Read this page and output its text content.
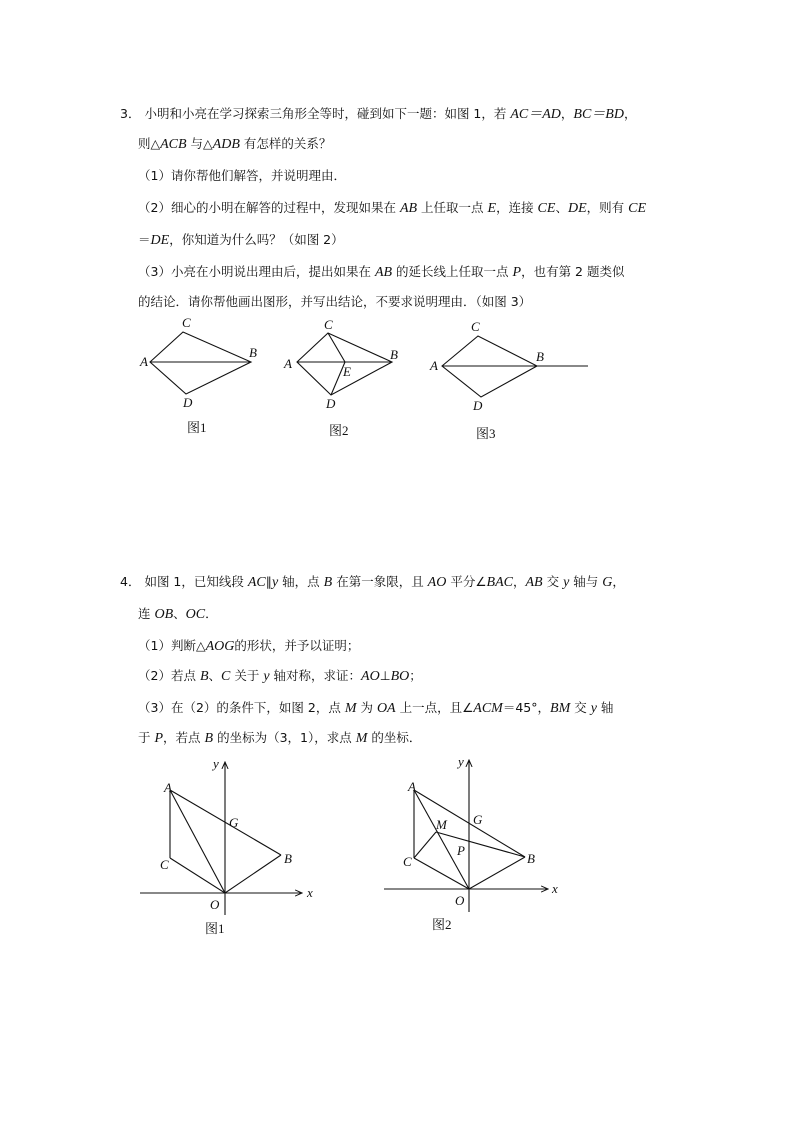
3． 小明和小亮在学习探索三角形全等时，碰到如下一题：如图 1，若 AC＝AD，BC＝BD，
则△ACB 与△ADB 有怎样的关系？
（1）请你帮他们解答，并说明理由．
（2）细心的小明在解答的过程中，发现如果在 AB 上任取一点 E，连接 CE、DE，则有 CE
＝DE，你知道为什么吗？（如图 2）
（3）小亮在小明说出理由后，提出如果在 AB 的延长线上任取一点 P，也有第 2 题类似
的结论．请你帮他画出图形，并写出结论，不要求说明理由．（如图 3）
A
C
B
D
图1
A
C
B
E
D
图2
A
C
B
D
图3
4． 如图 1，已知线段 AC∥y 轴，点 B 在第一象限，且 AO 平分∠BAC，AB 交 y 轴与 G，
连 OB、OC．
（1）判断△AOG的形状，并予以证明；
（2）若点 B、C 关于 y 轴对称，求证：AO⊥BO；
（3）在（2）的条件下，如图 2，点 M 为 OA 上一点，且∠ACM＝45°，BM 交 y 轴
于 P，若点 B 的坐标为（3，1），求点 M 的坐标．
y
x
A
G
B
C
O
图1
y
x
A
M G
P
B
C
O
图2
